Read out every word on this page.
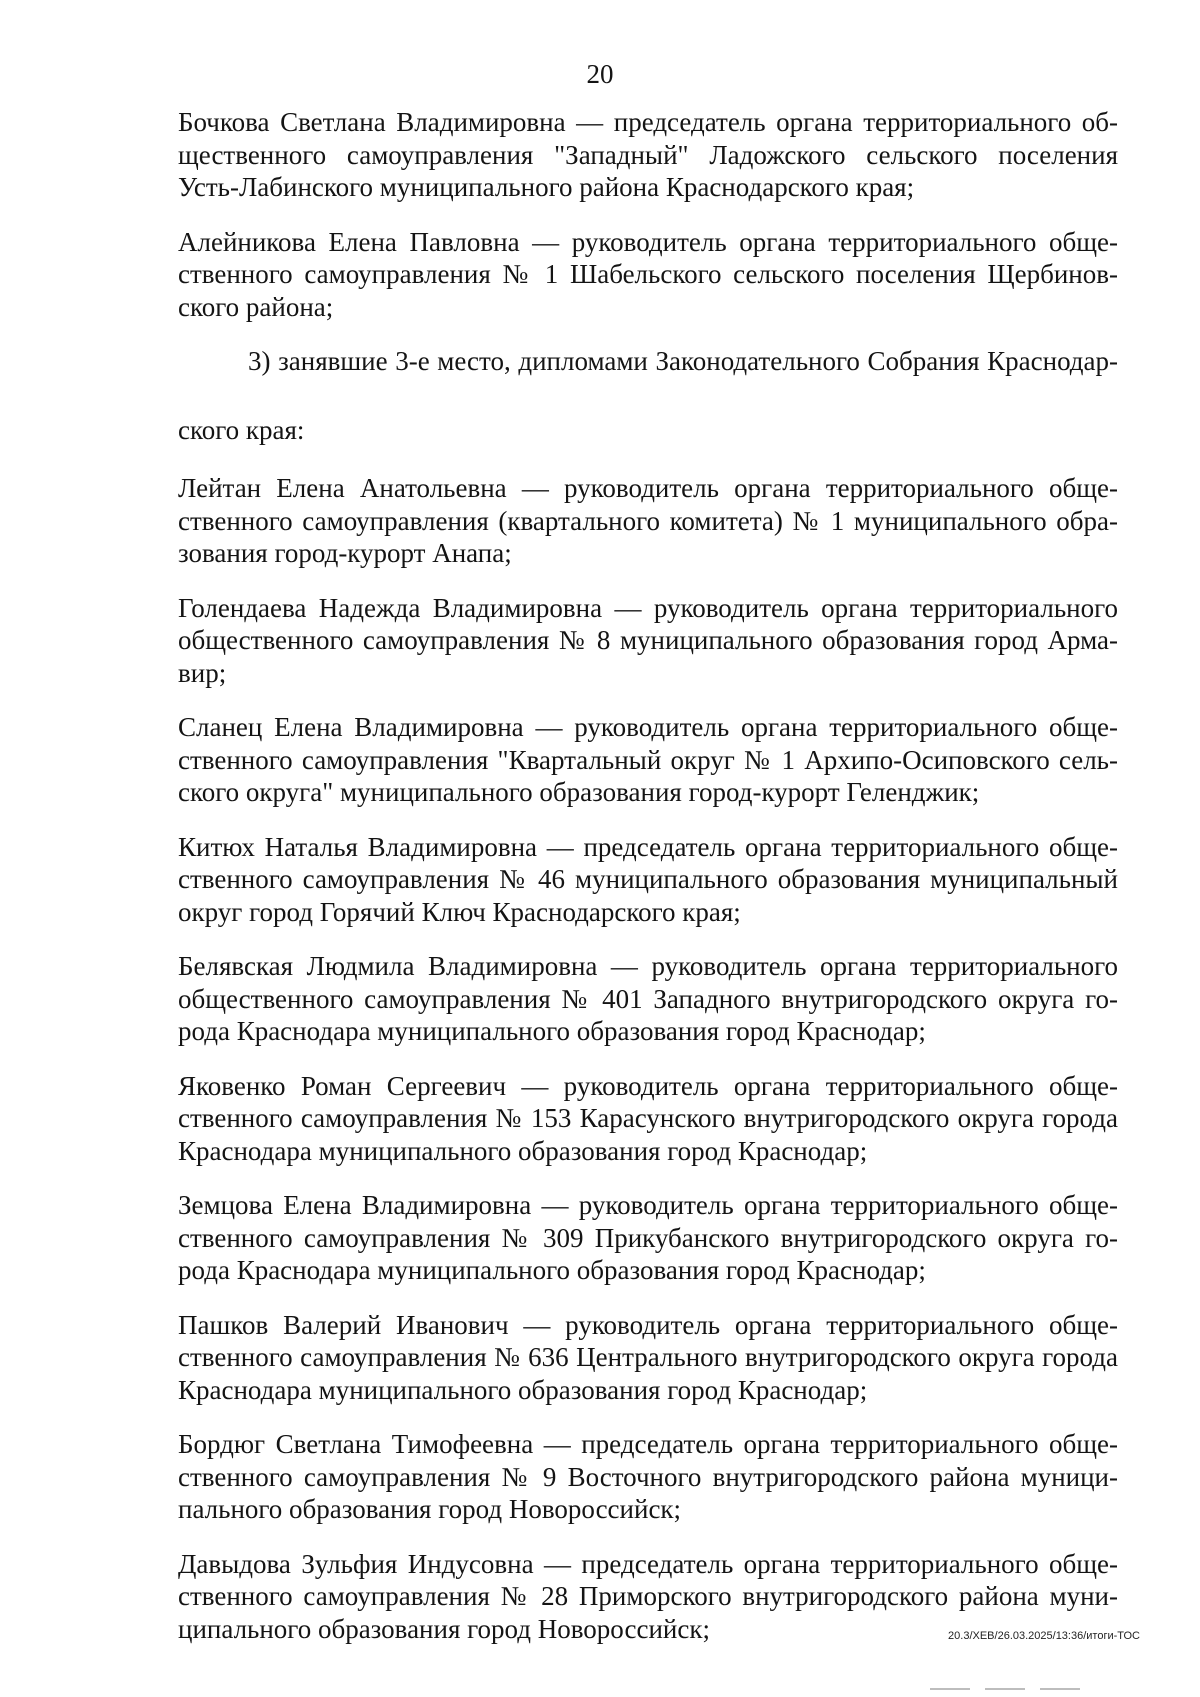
20
Бочкова Светлана Владимировна — председатель органа территориального об-
щественного самоуправления "Западный" Ладожского сельского поселения
Усть-Лабинского муниципального района Краснодарского края;
Алейникова Елена Павловна — руководитель органа территориального обще-
ственного самоуправления № 1 Шабельского сельского поселения Щербинов-
ского района;
3) занявшие 3-е место, дипломами Законодательного Собрания Краснодар-
ского края:
Лейтан Елена Анатольевна — руководитель органа территориального обще-
ственного самоуправления (квартального комитета) № 1 муниципального обра-
зования город-курорт Анапа;
Голендаева Надежда Владимировна — руководитель органа территориального
общественного самоуправления № 8 муниципального образования город Арма-
вир;
Сланец Елена Владимировна — руководитель органа территориального обще-
ственного самоуправления "Квартальный округ № 1 Архипо-Осиповского сель-
ского округа" муниципального образования город-курорт Геленджик;
Китюх Наталья Владимировна — председатель органа территориального обще-
ственного самоуправления № 46 муниципального образования муниципальный
округ город Горячий Ключ Краснодарского края;
Белявская Людмила Владимировна — руководитель органа территориального
общественного самоуправления № 401 Западного внутригородского округа го-
рода Краснодара муниципального образования город Краснодар;
Яковенко Роман Сергеевич — руководитель органа территориального обще-
ственного самоуправления № 153 Карасунского внутригородского округа города
Краснодара муниципального образования город Краснодар;
Земцова Елена Владимировна — руководитель органа территориального обще-
ственного самоуправления № 309 Прикубанского внутригородского округа го-
рода Краснодара муниципального образования город Краснодар;
Пашков Валерий Иванович — руководитель органа территориального обще-
ственного самоуправления № 636 Центрального внутригородского округа города
Краснодара муниципального образования город Краснодар;
Бордюг Светлана Тимофеевна — председатель органа территориального обще-
ственного самоуправления № 9 Восточного внутригородского района муници-
пального образования город Новороссийск;
Давыдова Зульфия Индусовна — председатель органа территориального обще-
ственного самоуправления № 28 Приморского внутригородского района муни-
ципального образования город Новороссийск;	20.3/ХЕВ/26.03.2025/13:36/итоги-ТОС
